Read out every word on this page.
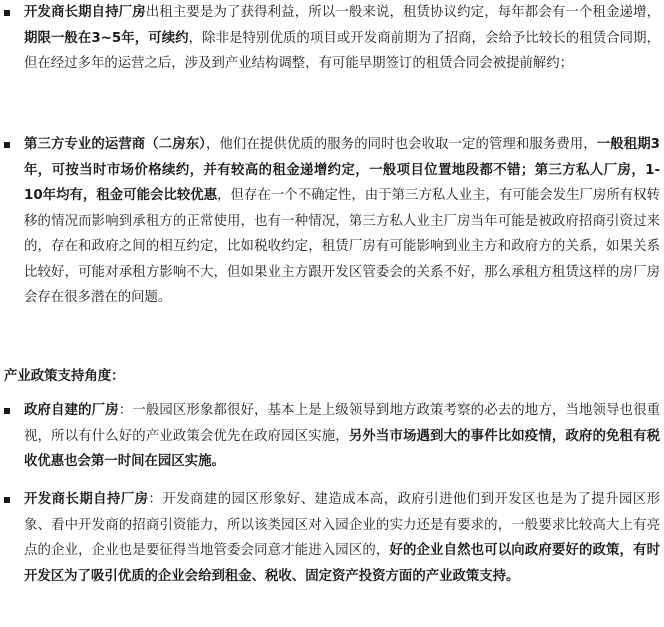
开发商长期自持厂房出租主要是为了获得利益，所以一般来说，租赁协议约定，每年都会有一个租金递增，期限一般在3~5年，可续约，除非是特别优质的项目或开发商前期为了招商，会给予比较长的租赁合同期，但在经过多年的运营之后，涉及到产业结构调整，有可能早期签订的租赁合同会被提前解约；
第三方专业的运营商（二房东），他们在提供优质的服务的同时也会收取一定的管理和服务费用，一般租期3年，可按当时市场价格续约，并有较高的租金递增约定，一般项目位置地段都不错；第三方私人厂房，1-10年均有，租金可能会比较优惠，但存在一个不确定性，由于第三方私人业主，有可能会发生厂房所有权转移的情况而影响到承租方的正常使用，也有一种情况，第三方私人业主厂房当年可能是被政府招商引资过来的，存在和政府之间的相互约定，比如税收约定，租赁厂房有可能影响到业主方和政府方的关系，如果关系比较好，可能对承租方影响不大，但如果业主方跟开发区管委会的关系不好，那么承租方租赁这样的房厂房会存在很多潜在的问题。
产业政策支持角度：
政府自建的厂房：一般园区形象都很好，基本上是上级领导到地方政策考察的必去的地方，当地领导也很重视，所以有什么好的产业政策会优先在政府园区实施，另外当市场遇到大的事件比如疫情，政府的免租有税收优惠也会第一时间在园区实施。
开发商长期自持厂房：开发商建的园区形象好、建造成本高，政府引进他们到开发区也是为了提升园区形象、看中开发商的招商引资能力，所以该类园区对入园企业的实力还是有要求的，一般要求比较高大上有亮点的企业，企业也是要征得当地管委会同意才能进入园区的，好的企业自然也可以向政府要好的政策，有时开发区为了吸引优质的企业会给到租金、税收、固定资产投资方面的产业政策支持。
